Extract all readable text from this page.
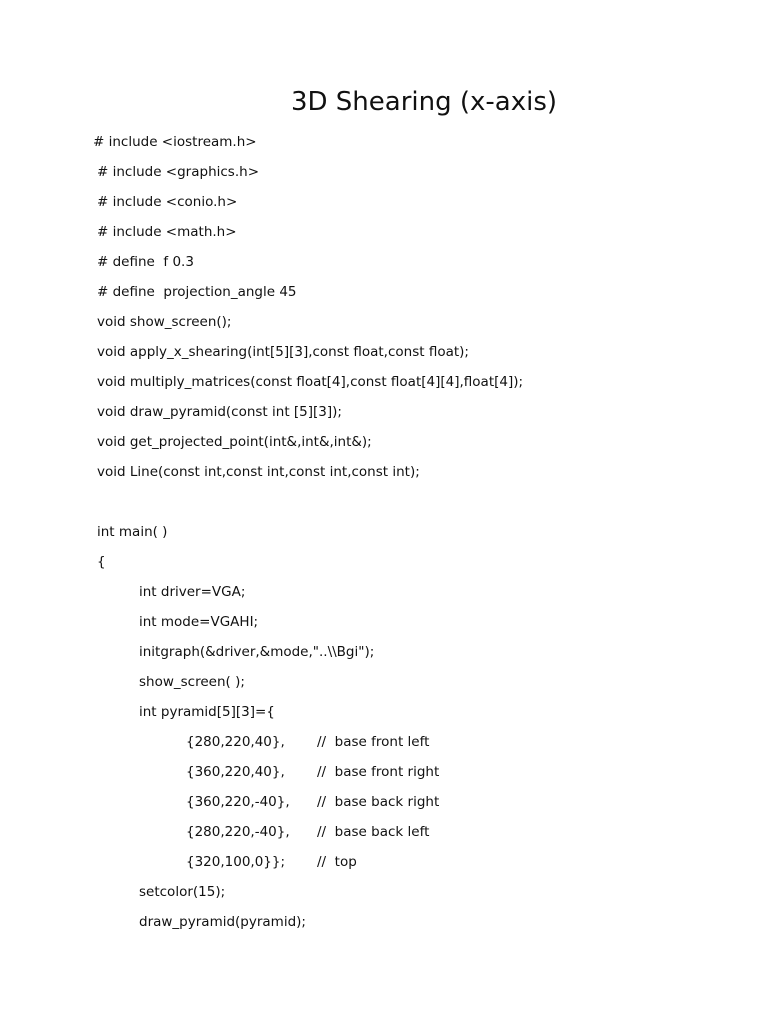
3D Shearing (x-axis)
# include <iostream.h>
# include <graphics.h>
# include <conio.h>
# include <math.h>
# define  f 0.3
# define  projection_angle 45
void show_screen();
void apply_x_shearing(int[5][3],const float,const float);
void multiply_matrices(const float[4],const float[4][4],float[4]);
void draw_pyramid(const int [5][3]);
void get_projected_point(int&,int&,int&);
void Line(const int,const int,const int,const int);
int main( )
{
int driver=VGA;
int mode=VGAHI;
initgraph(&driver,&mode,"..\\Bgi");
show_screen( );
int pyramid[5][3]={
{280,220,40}, //  base front left
{360,220,40}, //  base front right
{360,220,-40}, //  base back right
{280,220,-40}, //  base back left
{320,100,0}}; //  top
setcolor(15);
draw_pyramid(pyramid);
